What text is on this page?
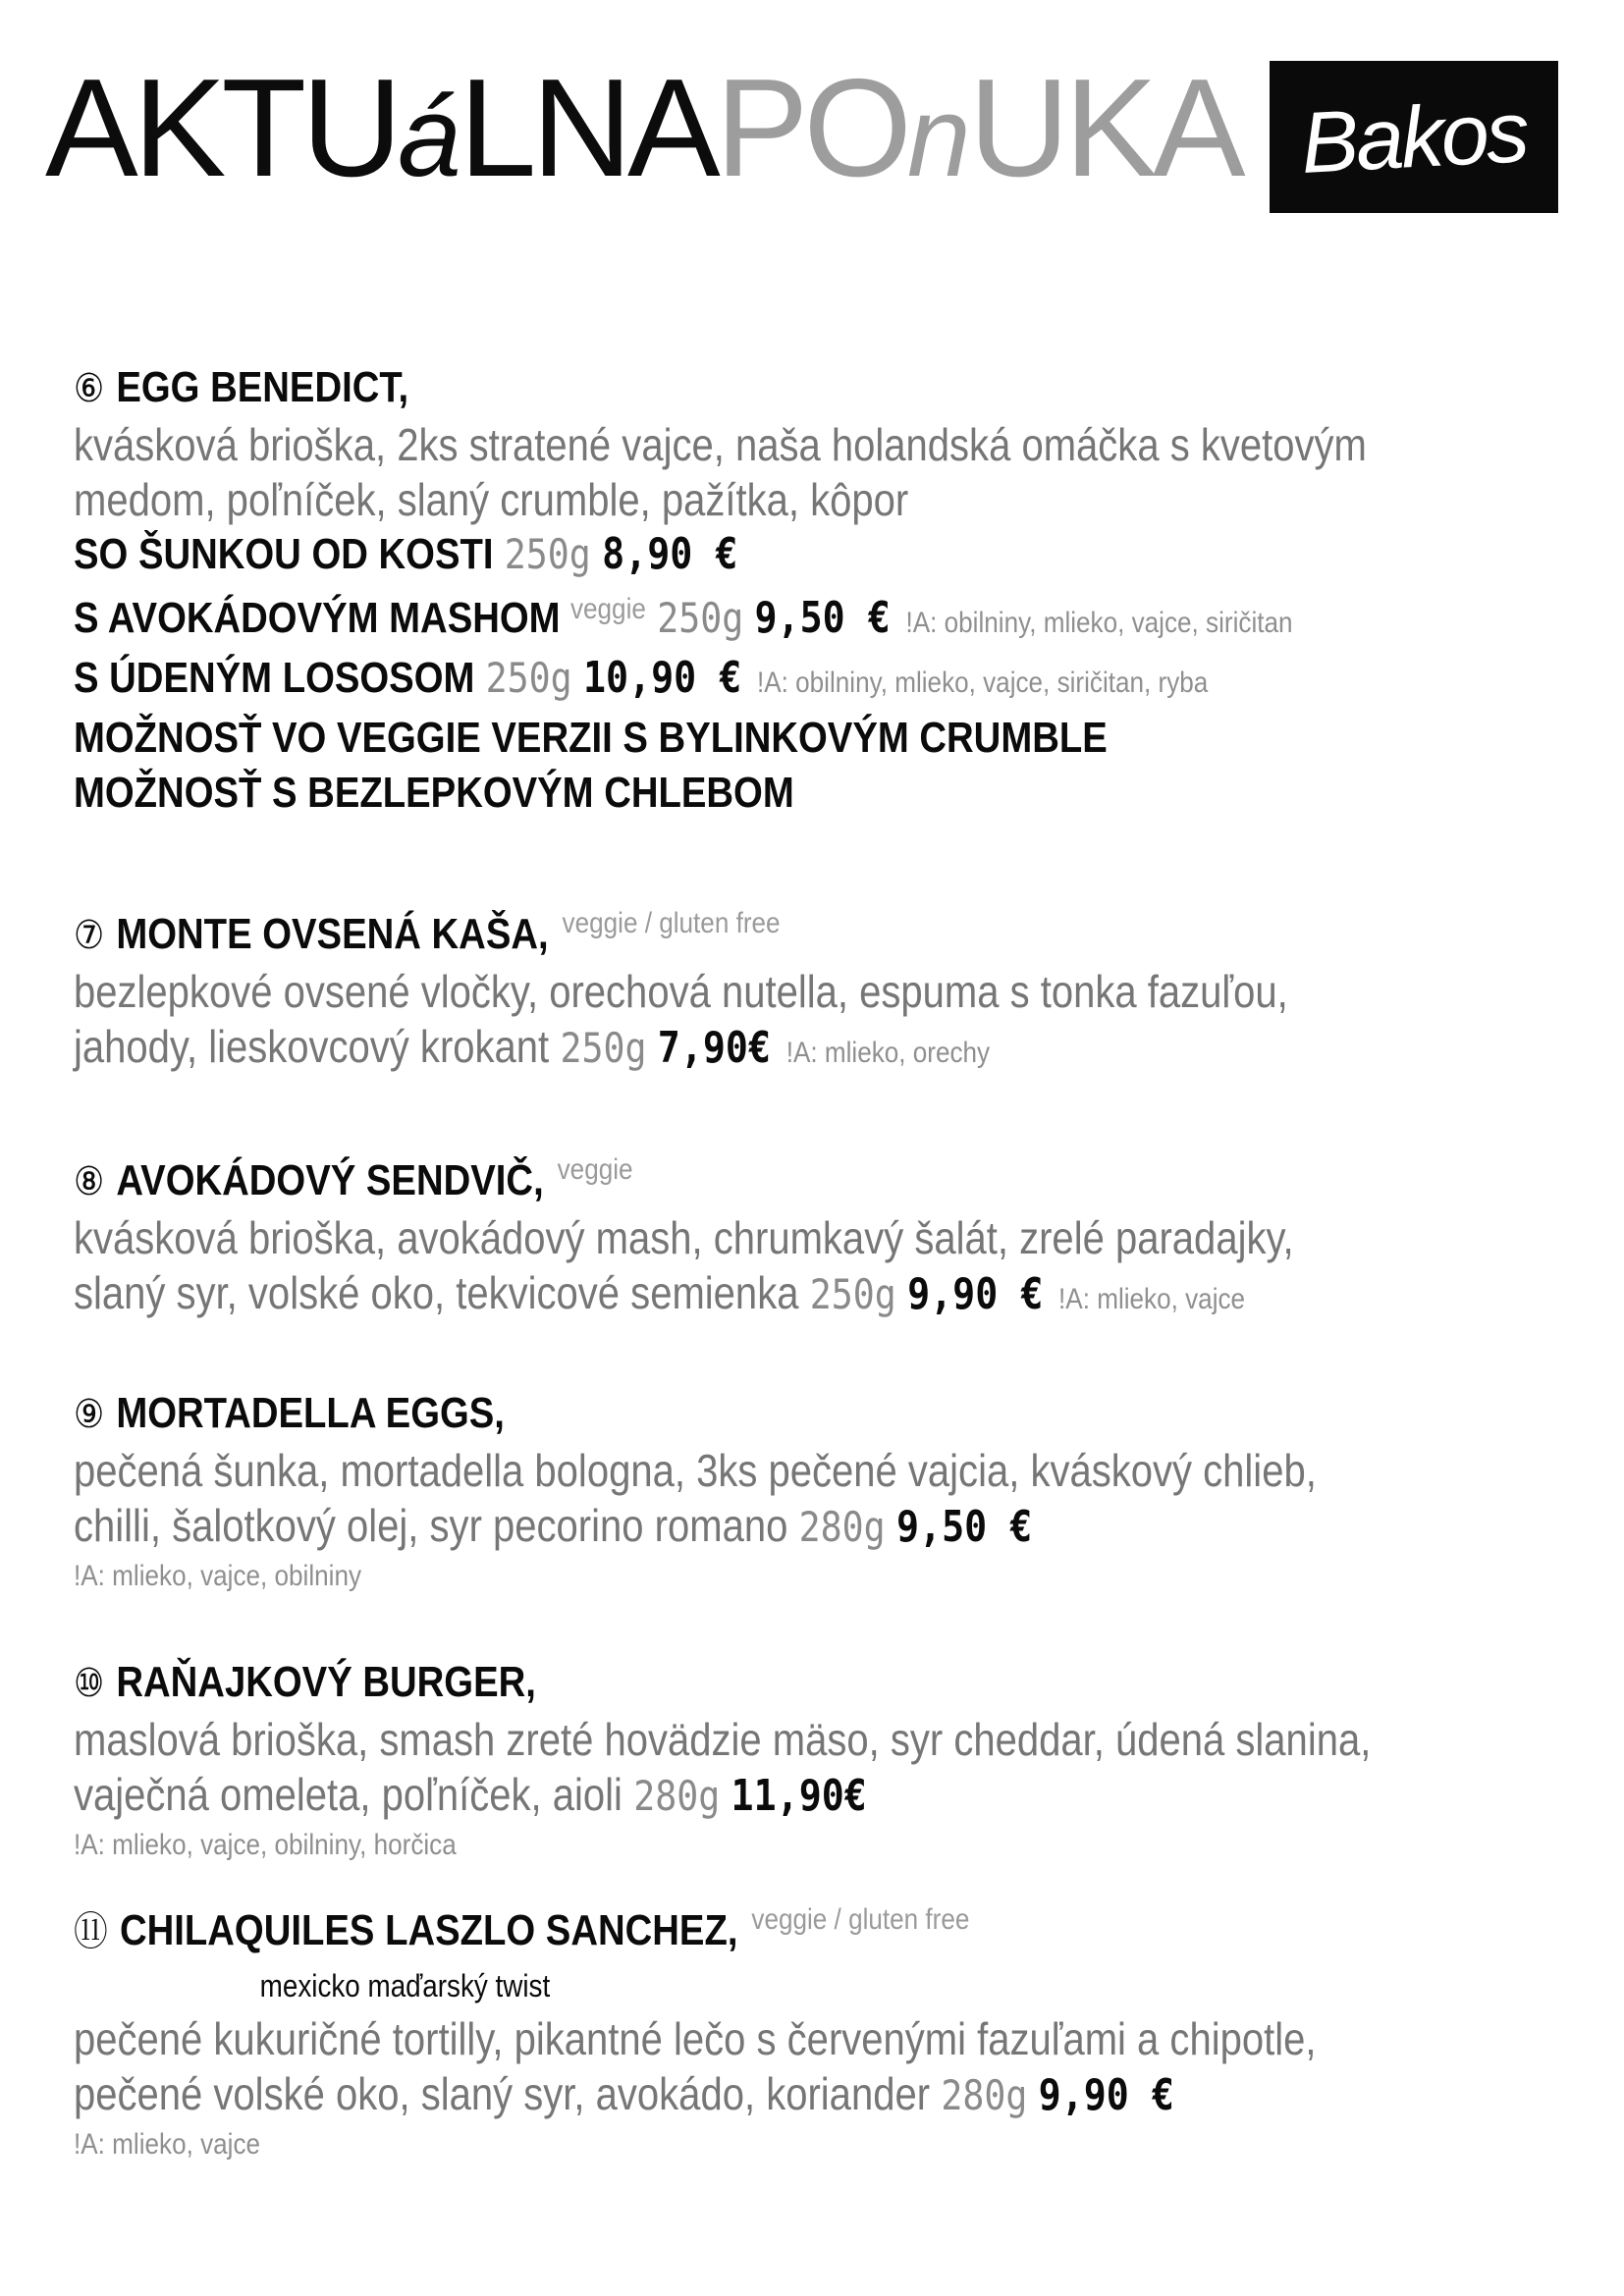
AKTUáLNAPOnUKA Bakos
⑥ EGG BENEDICT,
kvásková brioška, 2ks stratené vajce, naša holandská omáčka s kvetovým
medom, poľníček, slaný crumble, pažítka, kôpor
SO ŠUNKOU OD KOSTI 250g 8,90 €
S AVOKÁDOVÝM MASHOM $^{veggie}$ 250g 9,50 € !A: obilniny, mlieko, vajce, siričitan
S ÚDENÝM LOSOSOM 250g 10,90 € !A: obilniny, mlieko, vajce, siričitan, ryba
MOŽNOSŤ VO VEGGIE VERZII S BYLINKOVÝM CRUMBLE
MOŽNOSŤ S BEZLEPKOVÝM CHLEBOM
⑦ MONTE OVSENÁ KAŠA, $^{veggie / gluten free}$
bezlepkové ovsené vločky, orechová nutella, espuma s tonka fazuľou,
jahody, lieskovcový krokant 250g 7,90€ !A: mlieko, orechy
⑧ AVOKÁDOVÝ SENDVIČ, $^{veggie}$
kvásková brioška, avokádový mash, chrumkavý šalát, zrelé paradajky,
slaný syr, volské oko, tekvicové semienka 250g 9,90 € !A: mlieko, vajce
⑨ MORTADELLA EGGS,
pečená šunka, mortadella bologna, 3ks pečené vajcia, kváskový chlieb,
chilli, šalotkový olej, syr pecorino romano 280g 9,50 €
!A: mlieko, vajce, obilniny
⑩ RAŇAJKOVÝ BURGER,
maslová brioška, smash zreté hovädzie mäso, syr cheddar, údená slanina,
vaječná omeleta, poľníček, aioli 280g 11,90€
!A: mlieko, vajce, obilniny, horčica
⑪ CHILAQUILES LASZLO SANCHEZ, $^{veggie / gluten free}$
mexicko maďarský twist
pečené kukuričné tortilly, pikantné lečo s červenými fazuľami a chipotle,
pečené volské oko, slaný syr, avokádo, koriander 280g 9,90 €
!A: mlieko, vajce
